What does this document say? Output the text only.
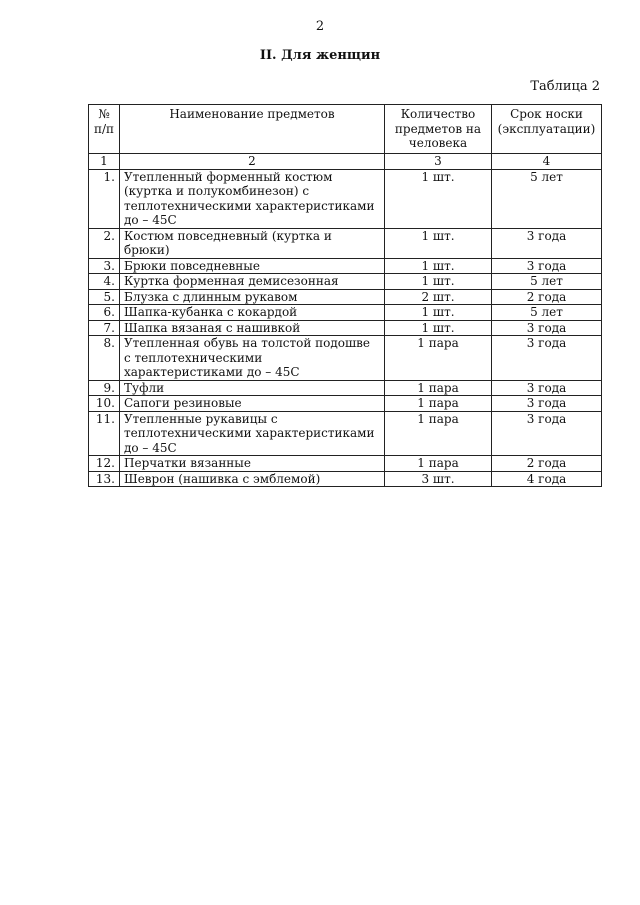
2
II. Для женщин
Таблица 2
№ п/п	Наименование предметов	Количество предметов на человека	Срок носки (эксплуатации)
1	2	3	4
1.	Утепленный форменный костюм (куртка и полукомбинезон) с теплотехническими характеристиками до – 45С	1 шт.	5 лет
2.	Костюм повседневный (куртка и брюки)	1 шт.	3 года
3.	Брюки повседневные	1 шт.	3 года
4.	Куртка форменная демисезонная	1 шт.	5 лет
5.	Блузка с длинным рукавом	2 шт.	2 года
6.	Шапка-кубанка с кокардой	1 шт.	5 лет
7.	Шапка вязаная с нашивкой	1 шт.	3 года
8.	Утепленная обувь на толстой подошве с теплотехническими характеристиками до – 45С	1 пара	3 года
9.	Туфли	1 пара	3 года
10.	Сапоги резиновые	1 пара	3 года
11.	Утепленные рукавицы с теплотехническими характеристиками до – 45С	1 пара	3 года
12.	Перчатки вязанные	1 пара	2 года
13.	Шеврон (нашивка с эмблемой)	3 шт.	4 года
